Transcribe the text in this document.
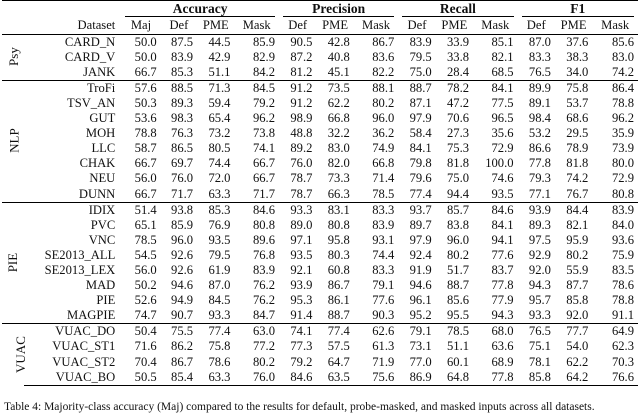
		Accuracy				Precision			Recall			F1		

	Dataset	Maj	Def	PME	Mask	Def	PME	Mask	Def	PME	Mask	Def	PME	Mask
Psy	CARD_N	50.0	87.5	44.5	85.9	90.5	42.8	86.7	83.9	33.9	85.1	87.0	37.6	85.6
	CARD_V	50.0	83.9	42.9	82.9	87.2	40.8	83.6	79.5	33.8	82.1	83.3	38.3	83.0
	JANK	66.7	85.3	51.1	84.2	81.2	45.1	82.2	75.0	28.4	68.5	76.5	34.0	74.2
NLP	TroFi	57.6	88.5	71.3	84.5	91.2	73.5	88.1	88.7	78.2	84.1	89.9	75.8	86.4
	TSV_AN	50.3	89.3	59.4	79.2	91.2	62.2	80.2	87.1	47.2	77.5	89.1	53.7	78.8
	GUT	53.6	98.3	65.4	96.2	98.9	66.8	96.0	97.9	70.6	96.5	98.4	68.6	96.2
	MOH	78.8	76.3	73.2	73.8	48.8	32.2	36.2	58.4	27.3	35.6	53.2	29.5	35.9
	LLC	58.7	86.5	80.5	74.1	89.2	83.0	74.9	84.1	75.3	72.9	86.6	78.9	73.9
	CHAK	66.7	69.7	74.4	66.7	76.0	82.0	66.8	79.8	81.8	100.0	77.8	81.8	80.0
	NEU	56.0	76.0	72.0	66.7	78.7	73.3	71.4	79.6	75.0	74.6	79.3	74.2	72.9
	DUNN	66.7	71.7	63.3	71.7	78.7	66.3	78.5	77.4	94.4	93.5	77.1	76.7	80.8
PIE	IDIX	51.4	93.8	85.3	84.6	93.3	83.1	83.3	93.7	85.7	84.6	93.9	84.4	83.9
	PVC	65.1	85.9	76.9	80.8	89.0	80.8	83.9	89.7	83.8	84.1	89.3	82.1	84.0
	VNC	78.5	96.0	93.5	89.6	97.1	95.8	93.1	97.9	96.0	94.1	97.5	95.9	93.6
	SE2013_ALL	54.5	92.6	79.5	76.8	93.5	80.3	74.4	92.4	80.2	77.6	92.9	80.2	75.9
	SE2013_LEX	56.0	92.6	61.9	83.9	92.1	60.8	83.3	91.9	51.7	83.7	92.0	55.9	83.5
	MAD	50.2	94.6	87.0	76.2	93.9	86.7	79.1	94.6	88.7	77.8	94.3	87.7	78.6
	PIE	52.6	94.9	84.5	76.2	95.3	86.1	77.6	96.1	85.6	77.9	95.7	85.8	78.8
	MAGPIE	74.7	90.7	93.3	84.7	91.4	88.7	90.3	95.2	95.5	94.3	93.3	92.0	91.1
VUAC	VUAC_DO	50.4	75.5	77.4	63.0	74.1	77.4	62.6	79.1	78.5	68.0	76.5	77.7	64.9
	VUAC_ST1	71.6	86.2	75.8	77.2	77.3	57.5	61.3	73.1	51.1	63.6	75.1	54.0	62.3
	VUAC_ST2	70.4	86.7	78.6	80.2	79.2	64.7	71.9	77.0	60.1	68.9	78.1	62.2	70.3
	VUAC_BO	50.5	85.4	63.3	76.0	84.6	63.5	75.6	86.9	64.8	77.8	85.8	64.2	76.6
Table 4: Majority-class accuracy (Maj) compared to the results for default, probe-masked, and masked inputs across all datasets.
